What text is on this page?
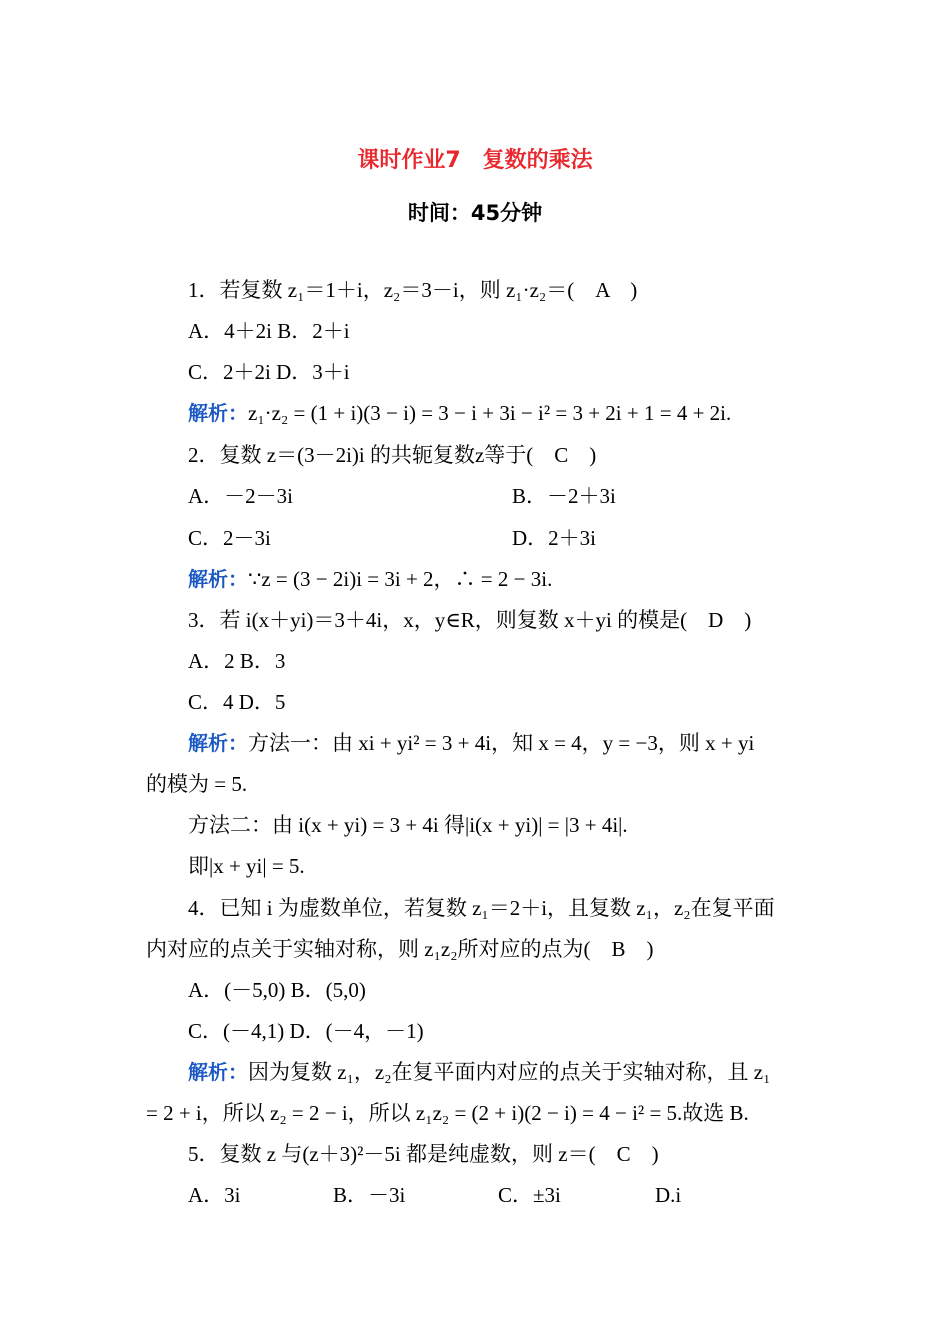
课时作业7　复数的乘法
时间：45分钟
1．若复数 z₁＝1＋i，z₂＝3－i，则 z₁·z₂＝(　A　)
A．4＋2i B．2＋i
C．2＋2i D．3＋i
解析：z₁·z₂ = (1 + i)(3 − i) = 3 − i + 3i − i² = 3 + 2i + 1 = 4 + 2i.
2．复数 z＝(3－2i)i 的共轭复数z等于(　C　)
A．－2－3i	B．－2＋3i
C．2－3i	D．2＋3i
解析：∵z = (3 − 2i)i = 3i + 2，∴ = 2 − 3i.
3．若 i(x＋yi)＝3＋4i，x，y∈R，则复数 x＋yi 的模是(　D　)
A．2 B．3
C．4 D．5
解析：方法一：由 xi + yi² = 3 + 4i，知 x = 4，y = −3，则 x + yi
的模为 = 5.
方法二：由 i(x + yi) = 3 + 4i 得|i(x + yi)| = |3 + 4i|.
即|x + yi| = 5.
4．已知 i 为虚数单位，若复数 z₁＝2＋i，且复数 z₁，z₂在复平面
内对应的点关于实轴对称，则 z₁z₂所对应的点为(　B　)
A．(－5,0) B．(5,0)
C．(－4,1) D．(－4，－1)
解析：因为复数 z₁，z₂在复平面内对应的点关于实轴对称，且 z₁
= 2 + i，所以 z₂ = 2 − i，所以 z₁z₂ = (2 + i)(2 − i) = 4 − i² = 5.故选 B.
5．复数 z 与(z＋3)²－5i 都是纯虚数，则 z＝(　C　)
A．3i	B．－3i	C．±3i	D.i
